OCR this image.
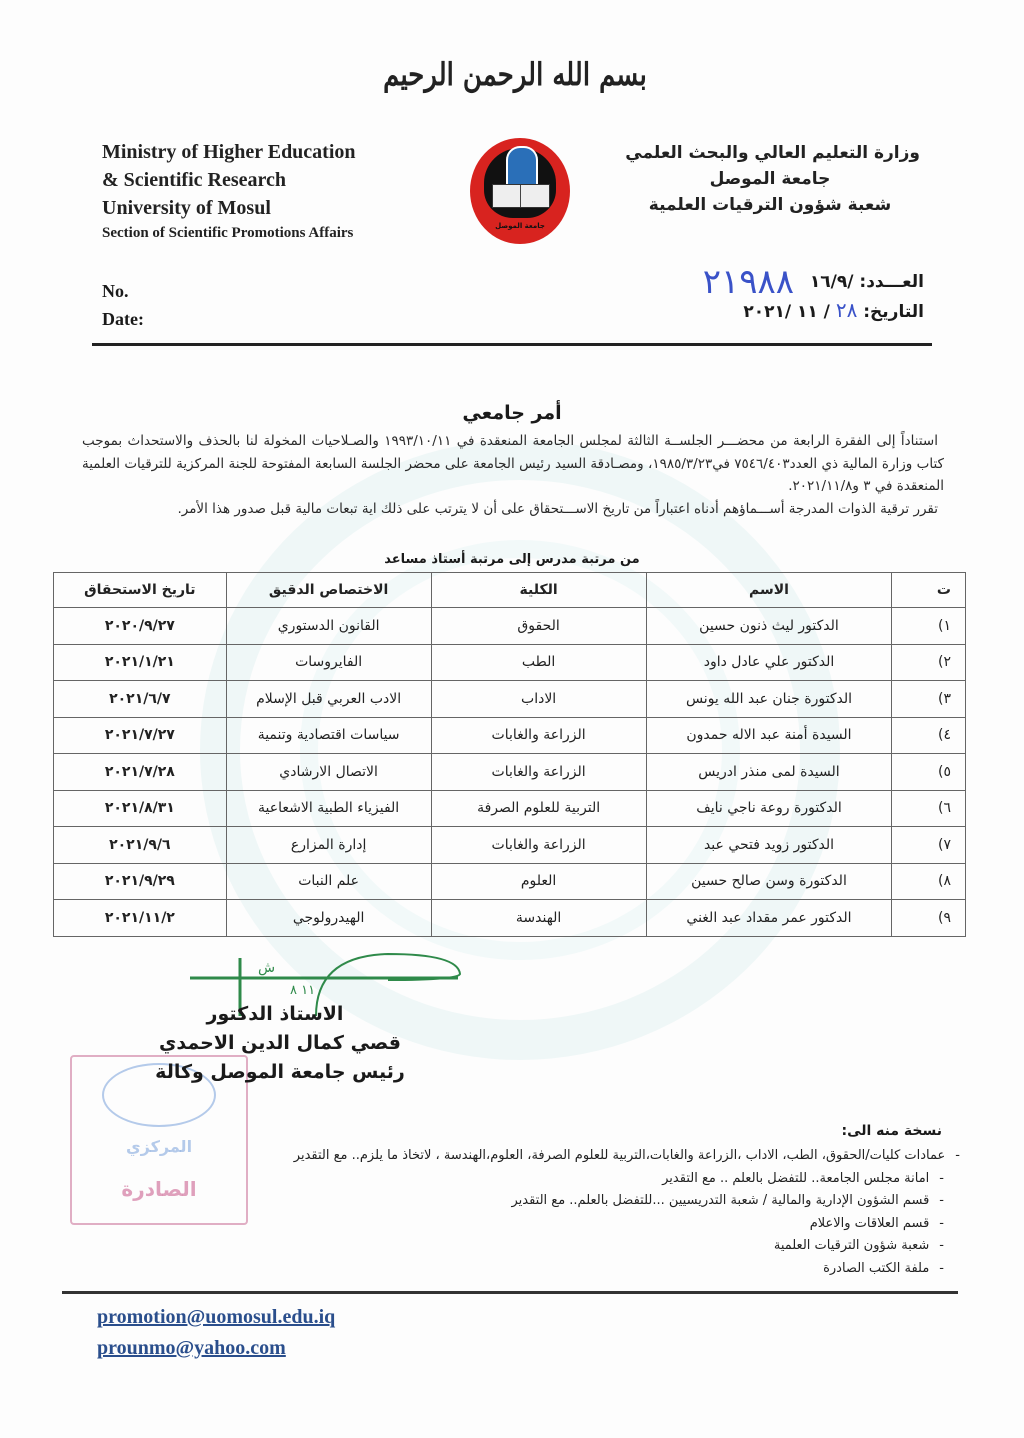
بسم الله الرحمن الرحيم
Ministry of Higher Education
& Scientific Research
University of Mosul
Section of Scientific Promotions Affairs	جامعة الموصل
وزارة التعليم العالي والبحث العلمي
جامعة الموصل
شعبة شؤون الترقيات العلمية
No.
Date:
العـــدد: /١٦/٩ ٢١٩٨٨
التاريخ: ٢٨ / ١١ /٢٠٢١
أمر جامعي

استناداً إلى الفقرة الرابعة من محضـــر الجلســة الثالثة لمجلس الجامعة المنعقدة في ١٩٩٣/١٠/١١ والصـلاحيات المخولة لنا بالحذف والاستحداث بموجب كتاب وزارة المالية ذي العدد٧٥٤٦/٤٠٣ في١٩٨٥/٣/٢٣، ومصـادقة السيد رئيس الجامعة على محضر الجلسة السابعة المفتوحة للجنة المركزية للترقيات العلمية المنعقدة في ٣ و٢٠٢١/١١/٨.

تقرر ترقية الذوات المدرجة أســـماؤهم أدناه اعتباراً من تاريخ الاســـتحقاق على أن لا يترتب على ذلك اية تبعات مالية قبل صدور هذا الأمر.

من مرتبة مدرس إلى مرتبة أستاذ مساعد
ت	الاسم	الكلية	الاختصاص الدقيق	تاريخ الاستحقاق
١)	الدكتور ليث ذنون حسين	الحقوق	القانون الدستوري	٢٠٢٠/٩/٢٧
٢)	الدكتور علي عادل داود	الطب	الفايروسات	٢٠٢١/١/٢١
٣)	الدكتورة جنان عبد الله يونس	الاداب	الادب العربي قبل الإسلام	٢٠٢١/٦/٧
٤)	السيدة أمنة عبد الاله حمدون	الزراعة والغابات	سياسات اقتصادية وتنمية	٢٠٢١/٧/٢٧
٥)	السيدة لمى منذر ادريس	الزراعة والغابات	الاتصال الارشادي	٢٠٢١/٧/٢٨
٦)	الدكتورة روعة ناجي نايف	التربية للعلوم الصرفة	الفيزياء الطبية الاشعاعية	٢٠٢١/٨/٣١
٧)	الدكتور زويد فتحي عبد	الزراعة والغابات	إدارة المزارع	٢٠٢١/٩/٦
٨)	الدكتورة وسن صالح حسين	العلوم	علم النبات	٢٠٢١/٩/٢٩
٩)	الدكتور عمر مقداد عبد الغني	الهندسة	الهيدرولوجي	٢٠٢١/١١/٢
ش
١١ ٨
المركزي
الصادرة
الاستاذ الدكتور
قصي كمال الدين الاحمدي
رئيس جامعة الموصل وكالة
نسخة منه الى:
-عمادات كليات/الحقوق، الطب، الاداب ،الزراعة والغابات،التربية للعلوم الصرفة، العلوم،الهندسة ، لاتخاذ ما يلزم.. مع التقدير
-امانة مجلس الجامعة.. للتفضل بالعلم .. مع التقدير
-قسم الشؤون الإدارية والمالية / شعبة التدريسيين ...للتفضل بالعلم.. مع التقدير
-قسم العلاقات والاعلام
-شعبة شؤون الترقيات العلمية
-ملفة الكتب الصادرة
promotion@uomosul.edu.iq
prounmo@yahoo.com
